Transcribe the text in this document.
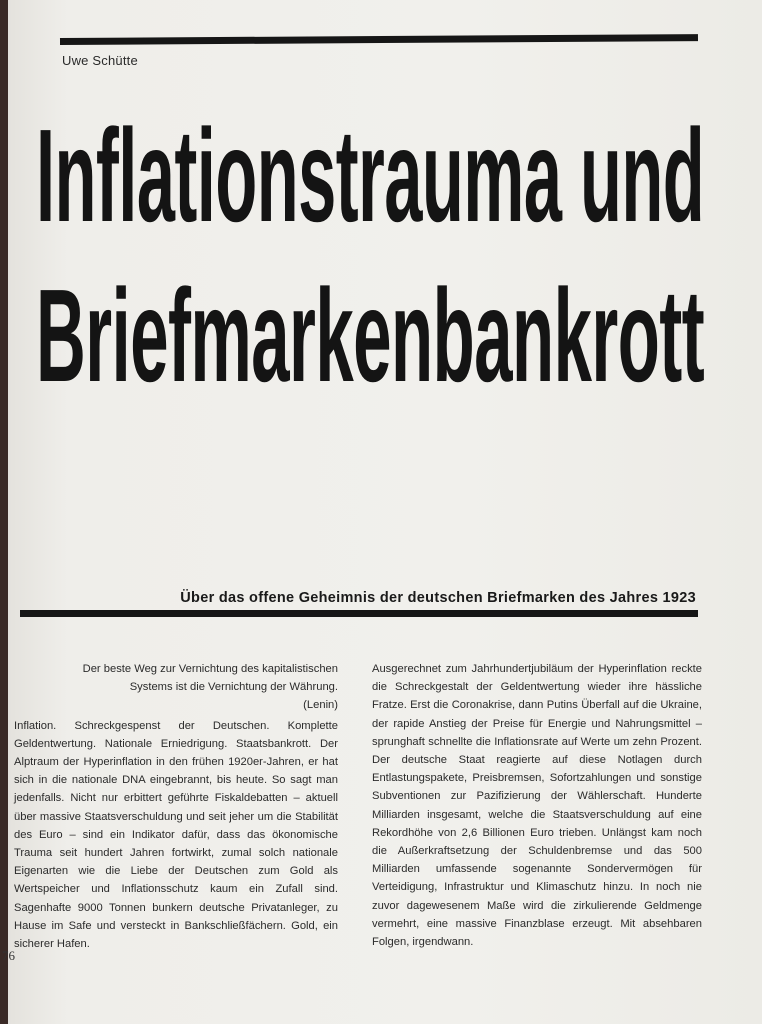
Uwe Schütte
Inflationstrauma und
Briefmarkenbankrott
Über das offene Geheimnis der deutschen Briefmarken des Jahres 1923
Der beste Weg zur Vernichtung des kapitalistischen
Systems ist die Vernichtung der Währung.
(Lenin)

Inflation. Schreckgespenst der Deutschen. Komplette Geldentwertung. Nationale Erniedrigung. Staatsbankrott. Der Alptraum der Hyperinflation in den frühen 1920er-Jahren, er hat sich in die nationale DNA eingebrannt, bis heute. So sagt man jedenfalls. Nicht nur erbittert geführte Fiskaldebatten – aktuell über massive Staatsverschuldung und seit jeher um die Stabilität des Euro – sind ein Indikator dafür, dass das ökonomische Trauma seit hundert Jahren fortwirkt, zumal solch nationale Eigenarten wie die Liebe der Deutschen zum Gold als Wertspeicher und Inflationsschutz kaum ein Zufall sind. Sagenhafte 9000 Tonnen bunkern deutsche Privatanleger, zu Hause im Safe und versteckt in Bankschließfächern. Gold, ein sicherer Hafen.

Ausgerechnet zum Jahrhundertjubiläum der Hyperinflation reckte die Schreckgestalt der Geldentwertung wieder ihre hässliche Fratze. Erst die Coronakrise, dann Putins Überfall auf die Ukraine, der rapide Anstieg der Preise für Energie und Nahrungsmittel – sprunghaft schnellte die Inflationsrate auf Werte um zehn Prozent. Der deutsche Staat reagierte auf diese Notlagen durch Entlastungspakete, Preisbremsen, Sofortzahlungen und sonstige Subventionen zur Pazifizierung der Wählerschaft. Hunderte Milliarden insgesamt, welche die Staatsverschuldung auf eine Rekordhöhe von 2,6 Billionen Euro trieben. Unlängst kam noch die Außerkraftsetzung der Schuldenbremse und das 500 Milliarden umfassende sogenannte Sondervermögen für Verteidigung, Infrastruktur und Klimaschutz hinzu. In noch nie zuvor dagewesenem Maße wird die zirkulierende Geldmenge vermehrt, eine massive Finanzblase erzeugt. Mit absehbaren Folgen, irgendwann.

76
